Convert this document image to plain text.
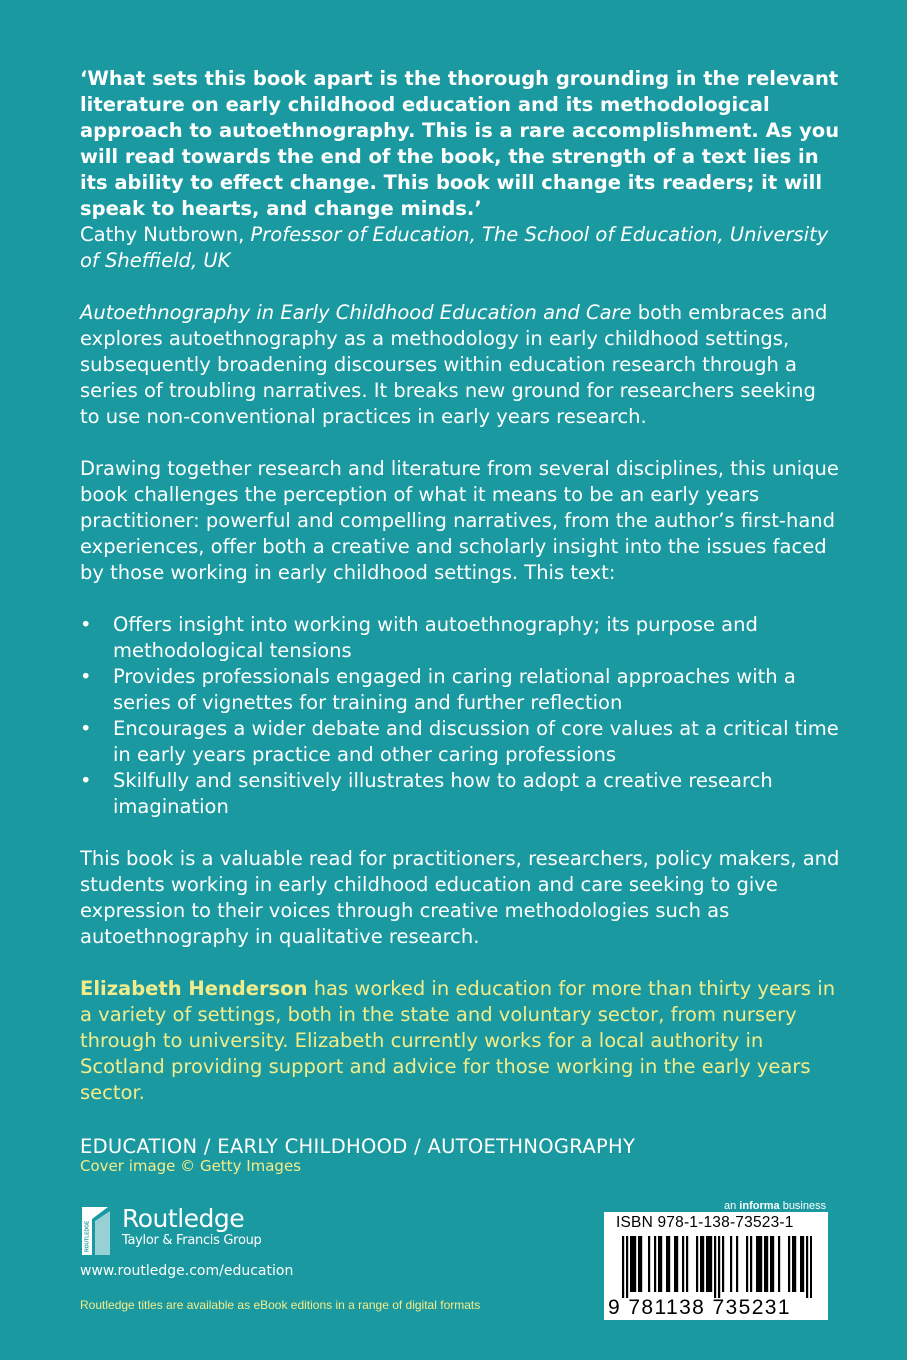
‘What sets this book apart is the thorough grounding in the relevant literature on early childhood education and its methodological approach to autoethnography. This is a rare accomplishment. As you will read towards the end of the book, the strength of a text lies in its ability to effect change. This book will change its readers; it will speak to hearts, and change minds.’

Cathy Nutbrown, Professor of Education, The School of Education, University of Sheffield, UK

Autoethnography in Early Childhood Education and Care both embraces and explores autoethnography as a methodology in early childhood settings, subsequently broadening discourses within education research through a series of troubling narratives. It breaks new ground for researchers seeking to use non-conventional practices in early years research.

Drawing together research and literature from several disciplines, this unique book challenges the perception of what it means to be an early years practitioner: powerful and compelling narratives, from the author’s first-hand experiences, offer both a creative and scholarly insight into the issues faced by those working in early childhood settings. This text:

• Offers insight into working with autoethnography; its purpose and methodological tensions
• Provides professionals engaged in caring relational approaches with a series of vignettes for training and further reflection
• Encourages a wider debate and discussion of core values at a critical time in early years practice and other caring professions
• Skilfully and sensitively illustrates how to adopt a creative research imagination

This book is a valuable read for practitioners, researchers, policy makers, and students working in early childhood education and care seeking to give expression to their voices through creative methodologies such as autoethnography in qualitative research.

Elizabeth Henderson has worked in education for more than thirty years in a variety of settings, both in the state and voluntary sector, from nursery through to university. Elizabeth currently works for a local authority in Scotland providing support and advice for those working in the early years sector.

EDUCATION / EARLY CHILDHOOD / AUTOETHNOGRAPHY

Cover image © Getty Images
ROUTLEDGE
Routledge
Taylor & Francis Group
www.routledge.com/education
Routledge titles are available as eBook editions in a range of digital formats
an informa business
ISBN 978-1-138-73523-1
9 781138 735231
